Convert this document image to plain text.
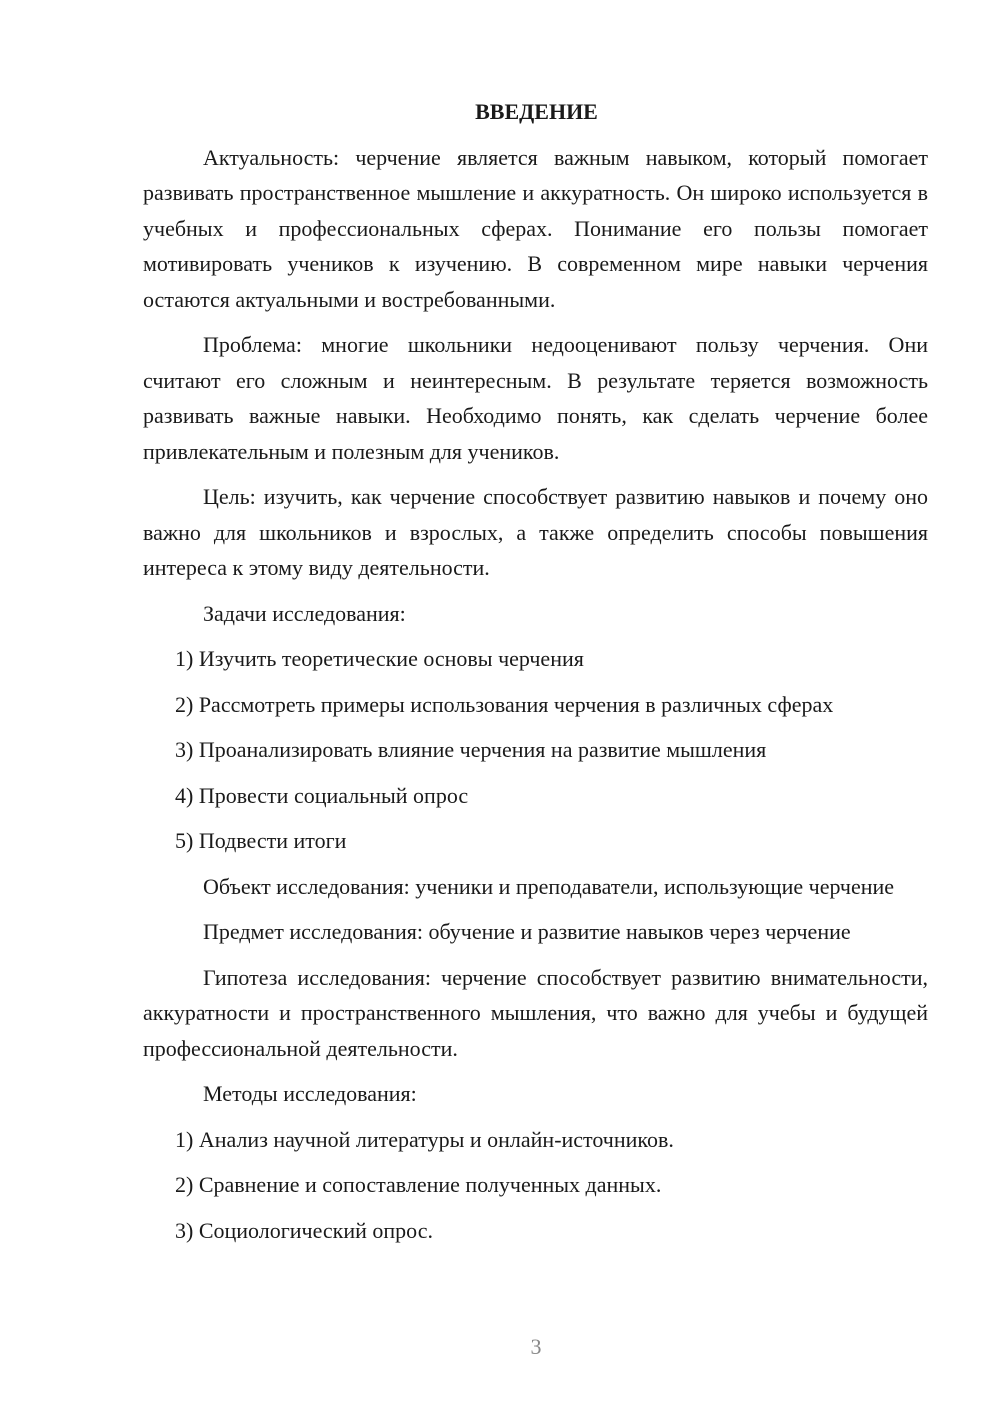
ВВЕДЕНИЕ

Актуальность: черчение является важным навыком, который помогает развивать пространственное мышление и аккуратность. Он широко используется в учебных и профессиональных сферах. Понимание его пользы помогает мотивировать учеников к изучению. В современном мире навыки черчения остаются актуальными и востребованными.

Проблема: многие школьники недооценивают пользу черчения. Они считают его сложным и неинтересным. В результате теряется возможность развивать важные навыки. Необходимо понять, как сделать черчение более привлекательным и полезным для учеников.

Цель: изучить, как черчение способствует развитию навыков и почему оно важно для школьников и взрослых, а также определить способы повышения интереса к этому виду деятельности.

Задачи исследования:

1) Изучить теоретические основы черчения
2) Рассмотреть примеры использования черчения в различных сферах
3) Проанализировать влияние черчения на развитие мышления
4) Провести социальный опрос
5) Подвести итоги

Объект исследования: ученики и преподаватели, использующие черчение

Предмет исследования: обучение и развитие навыков через черчение

Гипотеза исследования: черчение способствует развитию внимательности, аккуратности и пространственного мышления, что важно для учебы и будущей профессиональной деятельности.

Методы исследования:

1) Анализ научной литературы и онлайн-источников.
2) Сравнение и сопоставление полученных данных.
3) Социологический опрос.
3
